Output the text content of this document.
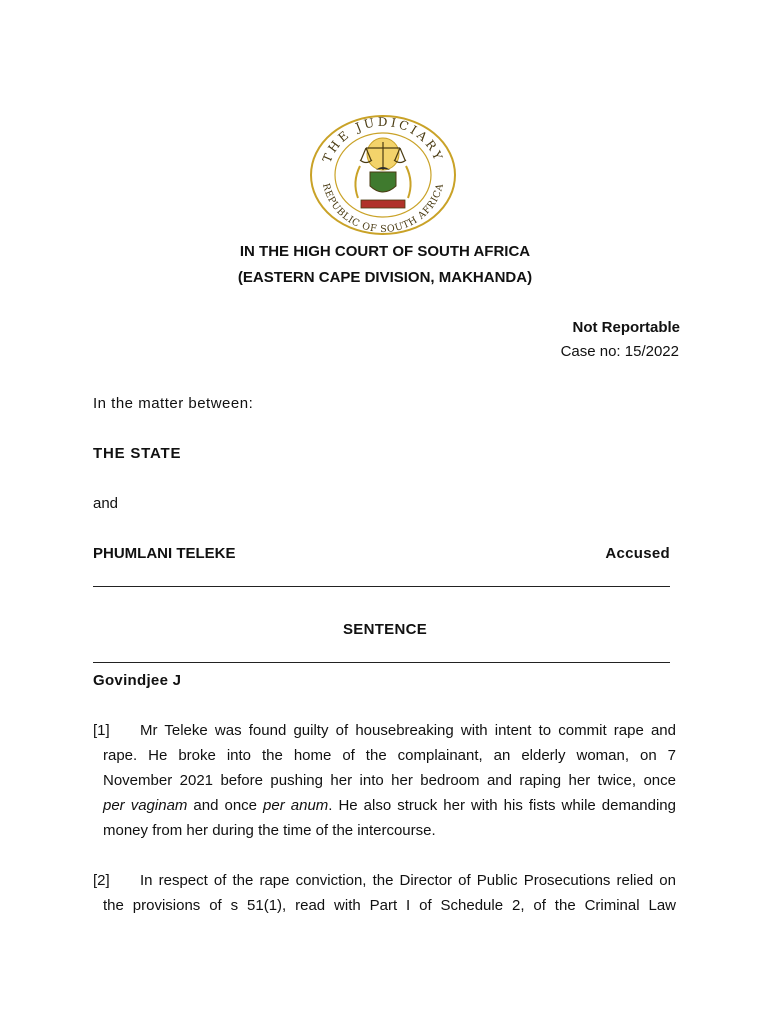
THE JUDICIARY
REPUBLIC OF SOUTH AFRICA
IN THE HIGH COURT OF SOUTH AFRICA
(EASTERN CAPE DIVISION, MAKHANDA)
Not Reportable
Case no: 15/2022
In the matter between:
THE STATE
and
PHUMLANI TELEKE	Accused
SENTENCE
Govindjee J
[1] Mr Teleke was found guilty of housebreaking with intent to commit rape and
rape. He broke into the home of the complainant, an elderly woman, on 7
November 2021 before pushing her into her bedroom and raping her twice, once
per vaginam and once per anum. He also struck her with his fists while demanding
money from her during the time of the intercourse.
[2] In respect of the rape conviction, the Director of Public Prosecutions relied on
the provisions of s 51(1), read with Part I of Schedule 2, of the Criminal Law
